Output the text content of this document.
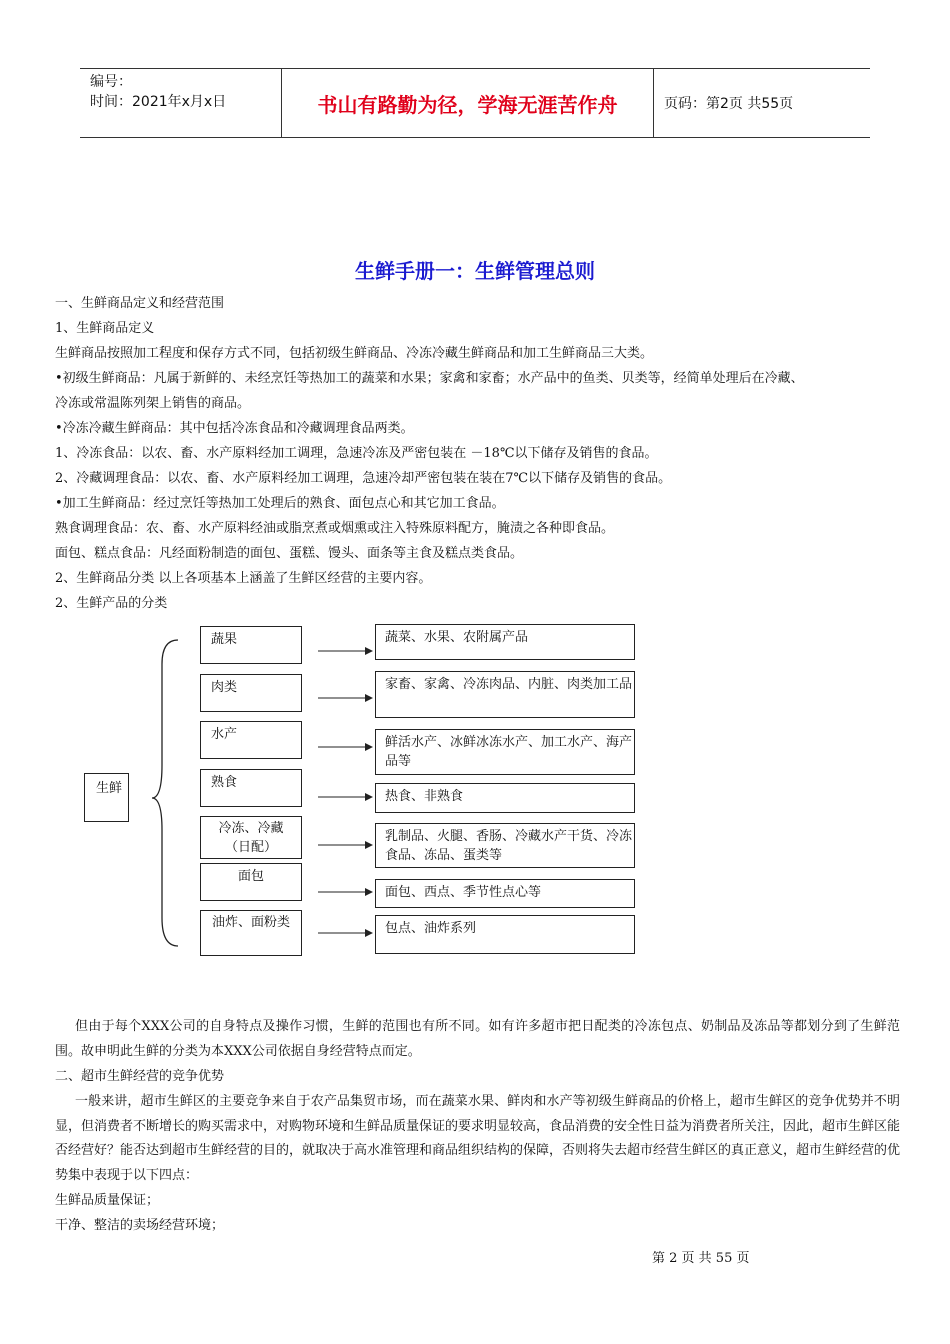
编号：
时间：2021年x月x日	书山有路勤为径，学海无涯苦作舟	页码：第2页 共55页
生鲜手册一：生鲜管理总则
一、生鲜商品定义和经营范围
1、生鲜商品定义
生鲜商品按照加工程度和保存方式不同，包括初级生鲜商品、冷冻冷藏生鲜商品和加工生鲜商品三大类。
•初级生鲜商品：凡属于新鲜的、未经烹饪等热加工的蔬菜和水果；家禽和家畜；水产品中的鱼类、贝类等，经简单处理后在冷藏、
冷冻或常温陈列架上销售的商品。
•冷冻冷藏生鲜商品：其中包括冷冻食品和冷藏调理食品两类。
1、冷冻食品：以农、畜、水产原料经加工调理，急速冷冻及严密包装在 －18℃以下储存及销售的食品。
2、冷藏调理食品：以农、畜、水产原料经加工调理，急速冷却严密包装在装在7℃以下储存及销售的食品。
•加工生鲜商品：经过烹饪等热加工处理后的熟食、面包点心和其它加工食品。
熟食调理食品：农、畜、水产原料经油或脂烹煮或烟熏或注入特殊原料配方，腌渍之各种即食品。
面包、糕点食品：凡经面粉制造的面包、蛋糕、馒头、面条等主食及糕点类食品。
2、生鲜商品分类 以上各项基本上涵盖了生鲜区经营的主要内容。
2、生鲜产品的分类
生鲜
蔬果
肉类
水产
熟食
冷冻、冷藏（日配）
面包
油炸、面粉类
蔬菜、水果、农附属产品
家畜、家禽、冷冻肉品、内脏、肉类加工品
鲜活水产、冰鲜冰冻水产、加工水产、海产品等
热食、非熟食
乳制品、火腿、香肠、冷藏水产干货、冷冻食品、冻品、蛋类等
面包、西点、季节性点心等
包点、油炸系列
但由于每个XXX公司的自身特点及操作习惯，生鲜的范围也有所不同。如有许多超市把日配类的冷冻包点、奶制品及冻品等都划分到了生鲜范围。故申明此生鲜的分类为本XXX公司依据自身经营特点而定。
二、超市生鲜经营的竞争优势
一般来讲，超市生鲜区的主要竞争来自于农产品集贸市场，而在蔬菜水果、鲜肉和水产等初级生鲜商品的价格上，超市生鲜区的竞争优势并不明显，但消费者不断增长的购买需求中，对购物环境和生鲜品质量保证的要求明显较高，食品消费的安全性日益为消费者所关注，因此，超市生鲜区能否经营好？能否达到超市生鲜经营的目的，就取决于高水准管理和商品组织结构的保障，否则将失去超市经营生鲜区的真正意义，超市生鲜经营的优势集中表现于以下四点：
生鲜品质量保证；
干净、整洁的卖场经营环境；
第 2 页 共 55 页
